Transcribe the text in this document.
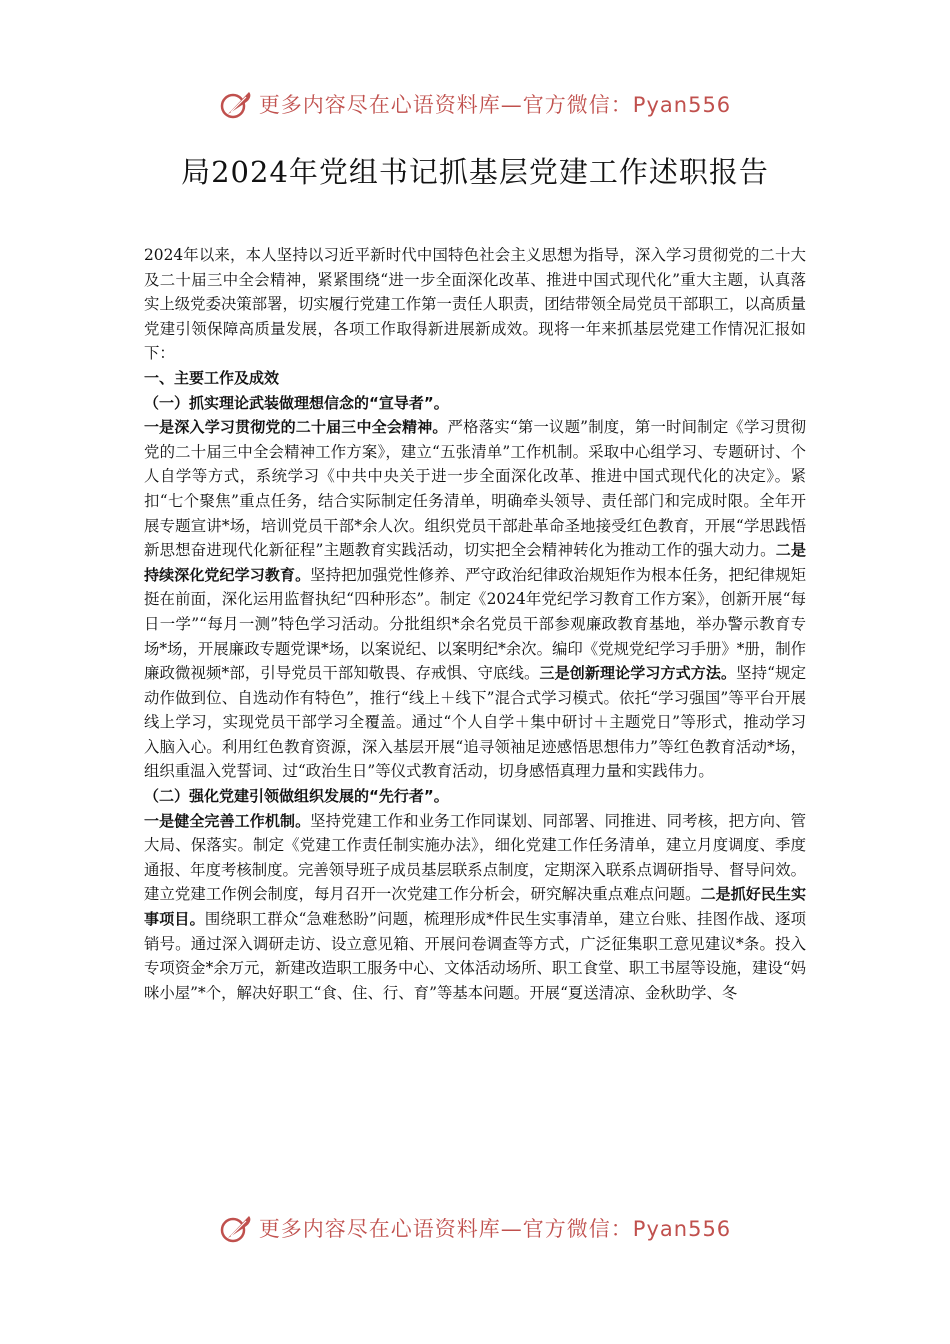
更多内容尽在心语资料库—官方微信：Pyan556
局2024年党组书记抓基层党建工作述职报告

2024年以来，本人坚持以习近平新时代中国特色社会主义思想为指导，深入学习贯彻党的二十大及二十届三中全会精神，紧紧围绕“进一步全面深化改革、推进中国式现代化”重大主题，认真落实上级党委决策部署，切实履行党建工作第一责任人职责，团结带领全局党员干部职工，以高质量党建引领保障高质量发展，各项工作取得新进展新成效。现将一年来抓基层党建工作情况汇报如下：

一、主要工作及成效

（一）抓实理论武装做理想信念的“宣导者”。

一是深入学习贯彻党的二十届三中全会精神。严格落实“第一议题”制度，第一时间制定《学习贯彻党的二十届三中全会精神工作方案》，建立“五张清单”工作机制。采取中心组学习、专题研讨、个人自学等方式，系统学习《中共中央关于进一步全面深化改革、推进中国式现代化的决定》。紧扣“七个聚焦”重点任务，结合实际制定任务清单，明确牵头领导、责任部门和完成时限。全年开展专题宣讲*场，培训党员干部*余人次。组织党员干部赴革命圣地接受红色教育，开展“学思践悟新思想奋进现代化新征程”主题教育实践活动，切实把全会精神转化为推动工作的强大动力。二是持续深化党纪学习教育。坚持把加强党性修养、严守政治纪律政治规矩作为根本任务，把纪律规矩挺在前面，深化运用监督执纪“四种形态”。制定《2024年党纪学习教育工作方案》，创新开展“每日一学”“每月一测”特色学习活动。分批组织*余名党员干部参观廉政教育基地，举办警示教育专场*场，开展廉政专题党课*场，以案说纪、以案明纪*余次。编印《党规党纪学习手册》*册，制作廉政微视频*部，引导党员干部知敬畏、存戒惧、守底线。三是创新理论学习方式方法。坚持“规定动作做到位、自选动作有特色”，推行“线上＋线下”混合式学习模式。依托“学习强国”等平台开展线上学习，实现党员干部学习全覆盖。通过“个人自学＋集中研讨＋主题党日”等形式，推动学习入脑入心。利用红色教育资源，深入基层开展“追寻领袖足迹感悟思想伟力”等红色教育活动*场，组织重温入党誓词、过“政治生日”等仪式教育活动，切身感悟真理力量和实践伟力。

（二）强化党建引领做组织发展的“先行者”。

一是健全完善工作机制。坚持党建工作和业务工作同谋划、同部署、同推进、同考核，把方向、管大局、保落实。制定《党建工作责任制实施办法》，细化党建工作任务清单，建立月度调度、季度通报、年度考核制度。完善领导班子成员基层联系点制度，定期深入联系点调研指导、督导问效。建立党建工作例会制度，每月召开一次党建工作分析会，研究解决重点难点问题。二是抓好民生实事项目。围绕职工群众“急难愁盼”问题，梳理形成*件民生实事清单，建立台账、挂图作战、逐项销号。通过深入调研走访、设立意见箱、开展问卷调查等方式，广泛征集职工意见建议*条。投入专项资金*余万元，新建改造职工服务中心、文体活动场所、职工食堂、职工书屋等设施，建设“妈咪小屋”*个，解决好职工“食、住、行、育”等基本问题。开展“夏送清凉、金秋助学、冬

更多内容尽在心语资料库—官方微信：Pyan556
